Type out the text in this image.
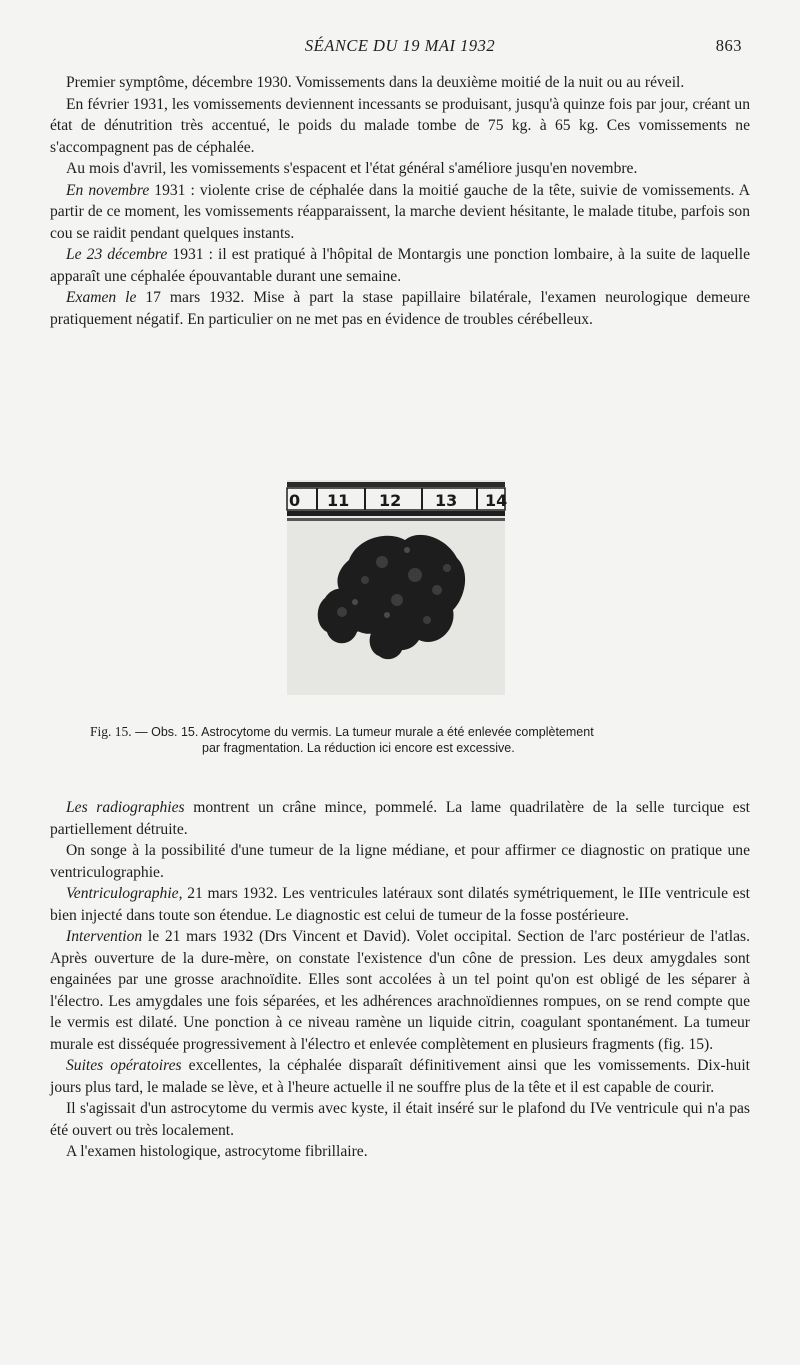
SÉANCE DU 19 MAI 1932	863

Premier symptôme, décembre 1930. Vomissements dans la deuxième moitié de la nuit ou au réveil.

En février 1931, les vomissements deviennent incessants se produisant, jusqu'à quinze fois par jour, créant un état de dénutrition très accentué, le poids du malade tombe de 75 kg. à 65 kg. Ces vomissements ne s'accompagnent pas de céphalée.

Au mois d'avril, les vomissements s'espacent et l'état général s'améliore jusqu'en novembre.

En novembre 1931 : violente crise de céphalée dans la moitié gauche de la tête, suivie de vomissements. A partir de ce moment, les vomissements réapparaissent, la marche devient hésitante, le malade titube, parfois son cou se raidit pendant quelques instants.

Le 23 décembre 1931 : il est pratiqué à l'hôpital de Montargis une ponction lombaire, à la suite de laquelle apparaît une céphalée épouvantable durant une semaine.

Examen le 17 mars 1932. Mise à part la stase papillaire bilatérale, l'examen neurologique demeure pratiquement négatif. En particulier on ne met pas en évidence de troubles cérébelleux.

0 11 12 13 14
Fig. 15. — Obs. 15. Astrocytome du vermis. La tumeur murale a été enlevée complètement
par fragmentation. La réduction ici encore est excessive.

Les radiographies montrent un crâne mince, pommelé. La lame quadrilatère de la selle turcique est partiellement détruite.

On songe à la possibilité d'une tumeur de la ligne médiane, et pour affirmer ce diagnostic on pratique une ventriculographie.

Ventriculographie, 21 mars 1932. Les ventricules latéraux sont dilatés symétriquement, le IIIe ventricule est bien injecté dans toute son étendue. Le diagnostic est celui de tumeur de la fosse postérieure.

Intervention le 21 mars 1932 (Drs Vincent et David). Volet occipital. Section de l'arc postérieur de l'atlas. Après ouverture de la dure-mère, on constate l'existence d'un cône de pression. Les deux amygdales sont engainées par une grosse arachnoïdite. Elles sont accolées à un tel point qu'on est obligé de les séparer à l'électro. Les amygdales une fois séparées, et les adhérences arachnoïdiennes rompues, on se rend compte que le vermis est dilaté. Une ponction à ce niveau ramène un liquide citrin, coagulant spontanément. La tumeur murale est disséquée progressivement à l'électro et enlevée complètement en plusieurs fragments (fig. 15).

Suites opératoires excellentes, la céphalée disparaît définitivement ainsi que les vomissements. Dix-huit jours plus tard, le malade se lève, et à l'heure actuelle il ne souffre plus de la tête et il est capable de courir.

Il s'agissait d'un astrocytome du vermis avec kyste, il était inséré sur le plafond du IVe ventricule qui n'a pas été ouvert ou très localement.

A l'examen histologique, astrocytome fibrillaire.
